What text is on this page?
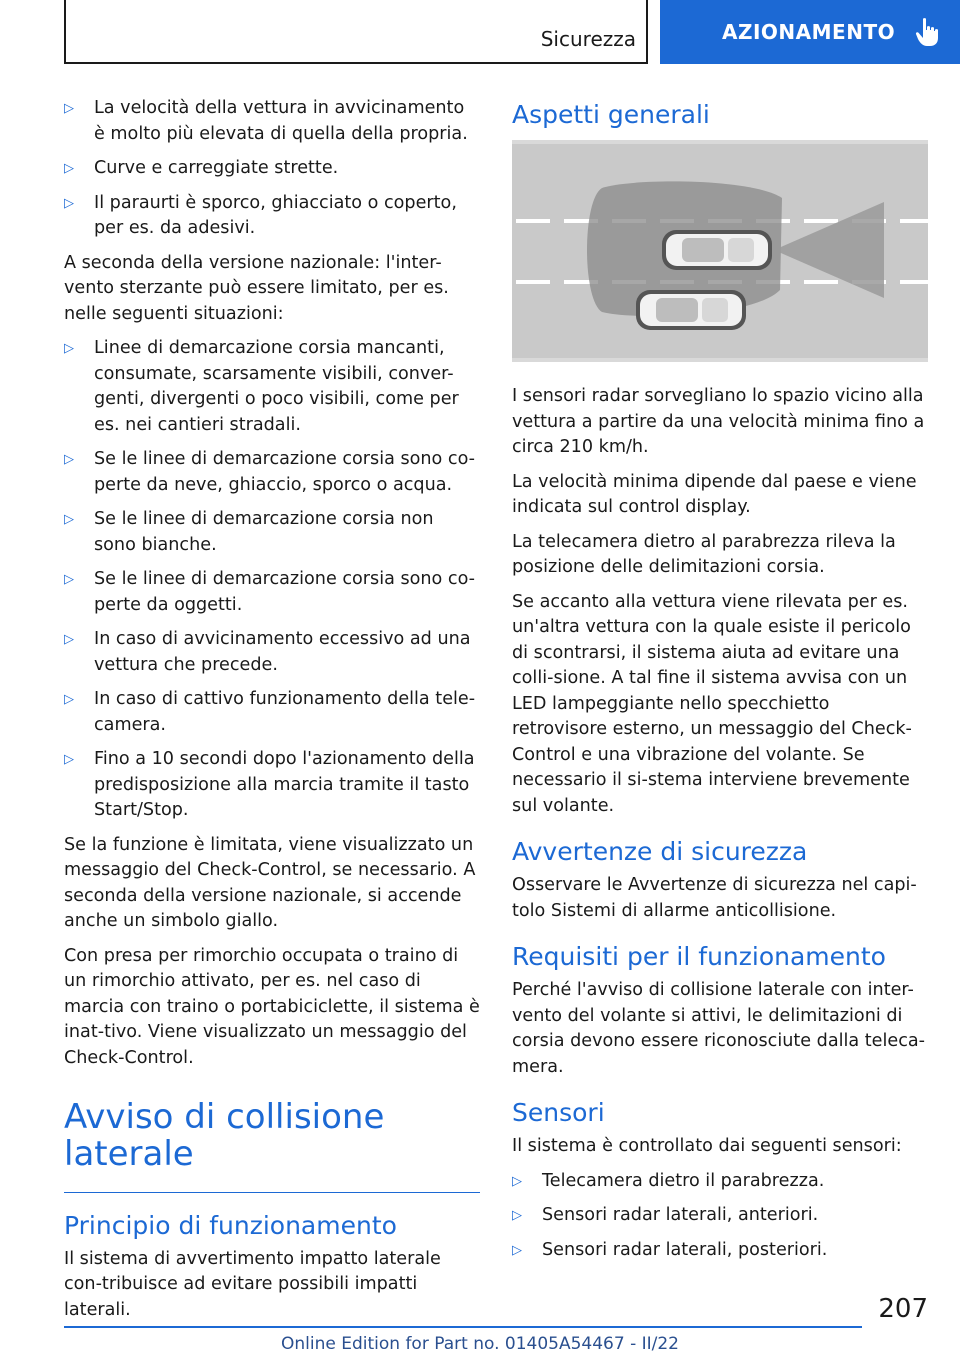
Sicurezza	AZIONAMENTO
▷ La velocità della vettura in avvicinamento è molto più elevata di quella della propria.
▷ Curve e carreggiate strette.
▷ Il paraurti è sporco, ghiacciato o coperto, per es. da adesivi.

A seconda della versione nazionale: l'inter-vento sterzante può essere limitato, per es. nelle seguenti situazioni:

▷ Linee di demarcazione corsia mancanti, consumate, scarsamente visibili, conver-genti, divergenti o poco visibili, come per es. nei cantieri stradali.
▷ Se le linee di demarcazione corsia sono co-perte da neve, ghiaccio, sporco o acqua.
▷ Se le linee di demarcazione corsia non sono bianche.
▷ Se le linee di demarcazione corsia sono co-perte da oggetti.
▷ In caso di avvicinamento eccessivo ad una vettura che precede.
▷ In caso di cattivo funzionamento della tele-camera.
▷ Fino a 10 secondi dopo l'azionamento della predisposizione alla marcia tramite il tasto Start/Stop.

Se la funzione è limitata, viene visualizzato un messaggio del Check-Control, se necessario. A seconda della versione nazionale, si accende anche un simbolo giallo.

Con presa per rimorchio occupata o traino di un rimorchio attivato, per es. nel caso di marcia con traino o portabiciclette, il sistema è inat-tivo. Viene visualizzato un messaggio del Check-Control.

Avviso di collisione laterale
Principio di funzionamento

Il sistema di avvertimento impatto laterale con-tribuisce ad evitare possibili impatti laterali.

Aspetti generali

I sensori radar sorvegliano lo spazio vicino alla vettura a partire da una velocità minima fino a circa 210 km/h.

La velocità minima dipende dal paese e viene indicata sul control display.

La telecamera dietro al parabrezza rileva la posizione delle delimitazioni corsia.

Se accanto alla vettura viene rilevata per es. un'altra vettura con la quale esiste il pericolo di scontrarsi, il sistema aiuta ad evitare una colli-sione. A tal fine il sistema avvisa con un LED lampeggiante nello specchietto retrovisore esterno, un messaggio del Check-Control e una vibrazione del volante. Se necessario il si-stema interviene brevemente sul volante.

Avvertenze di sicurezza

Osservare le Avvertenze di sicurezza nel capi-tolo Sistemi di allarme anticollisione.

Requisiti per il funzionamento

Perché l'avviso di collisione laterale con inter-vento del volante si attivi, le delimitazioni di corsia devono essere riconosciute dalla teleca-mera.

Sensori

Il sistema è controllato dai seguenti sensori:

▷ Telecamera dietro il parabrezza.
▷ Sensori radar laterali, anteriori.
▷ Sensori radar laterali, posteriori.
207
Online Edition for Part no. 01405A54467 - II/22
